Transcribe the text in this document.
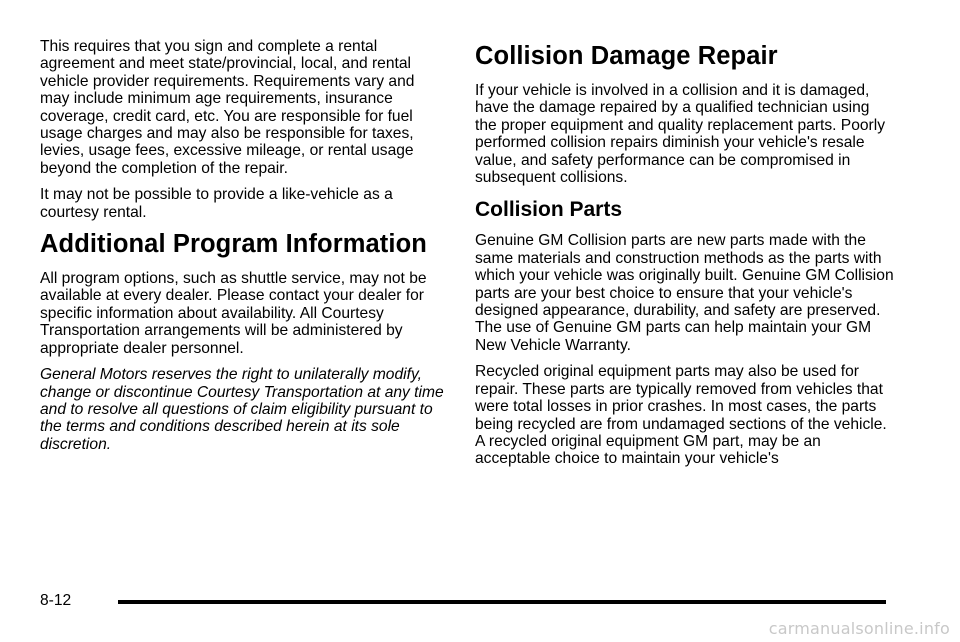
This requires that you sign and complete a rental agreement and meet state/provincial, local, and rental vehicle provider requirements. Requirements vary and may include minimum age requirements, insurance coverage, credit card, etc. You are responsible for fuel usage charges and may also be responsible for taxes, levies, usage fees, excessive mileage, or rental usage beyond the completion of the repair.

It may not be possible to provide a like-vehicle as a courtesy rental.

Additional Program Information

All program options, such as shuttle service, may not be available at every dealer. Please contact your dealer for specific information about availability. All Courtesy Transportation arrangements will be administered by appropriate dealer personnel.

General Motors reserves the right to unilaterally modify, change or discontinue Courtesy Transportation at any time and to resolve all questions of claim eligibility pursuant to the terms and conditions described herein at its sole discretion.

Collision Damage Repair

If your vehicle is involved in a collision and it is damaged, have the damage repaired by a qualified technician using the proper equipment and quality replacement parts. Poorly performed collision repairs diminish your vehicle's resale value, and safety performance can be compromised in subsequent collisions.

Collision Parts

Genuine GM Collision parts are new parts made with the same materials and construction methods as the parts with which your vehicle was originally built. Genuine GM Collision parts are your best choice to ensure that your vehicle's designed appearance, durability, and safety are preserved. The use of Genuine GM parts can help maintain your GM New Vehicle Warranty.

Recycled original equipment parts may also be used for repair. These parts are typically removed from vehicles that were total losses in prior crashes. In most cases, the parts being recycled are from undamaged sections of the vehicle. A recycled original equipment GM part, may be an acceptable choice to maintain your vehicle's

8-12
carmanualsonline.info
